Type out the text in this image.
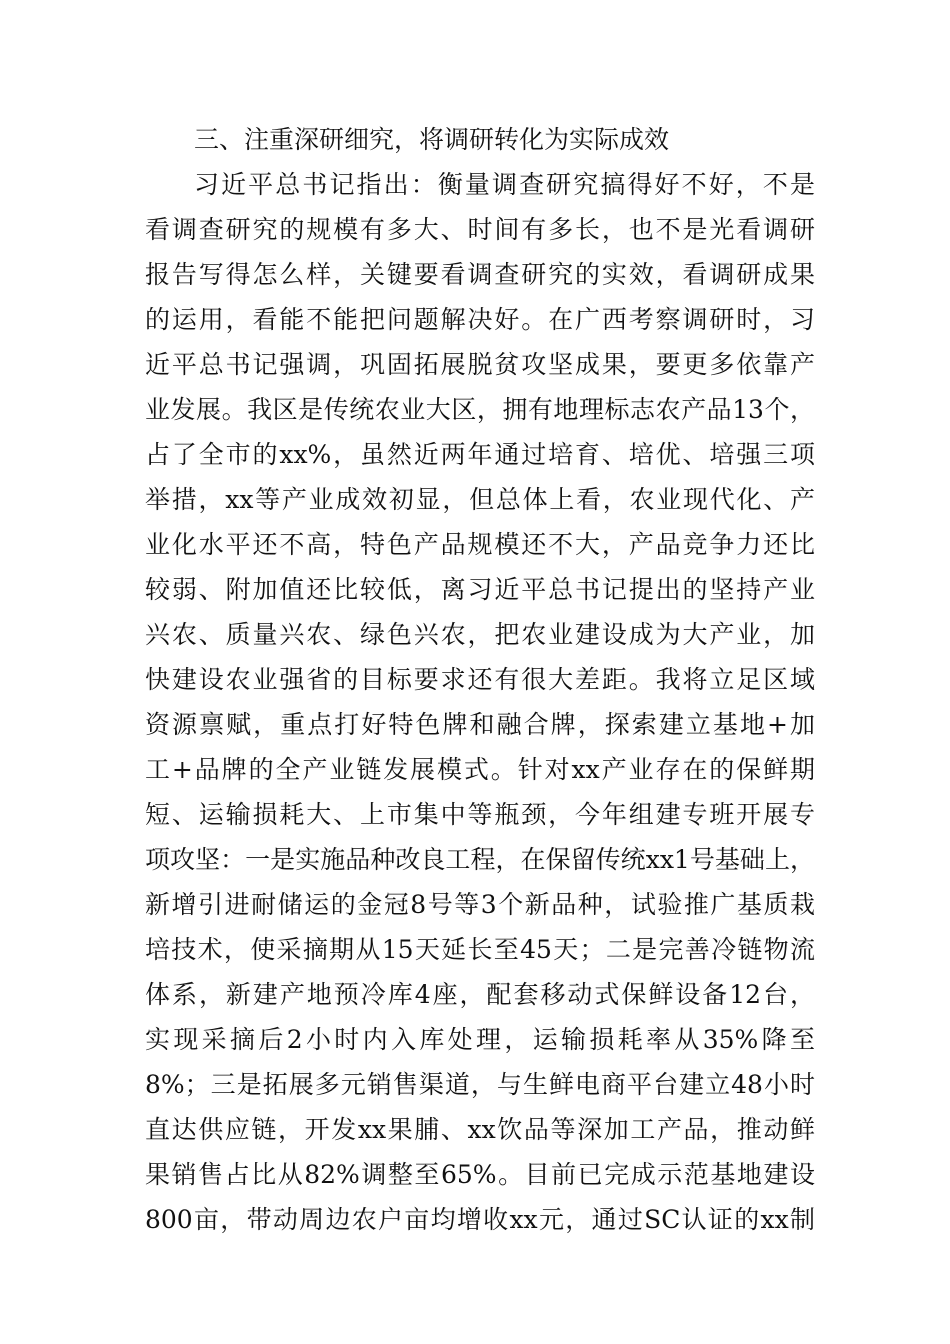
三、注重深研细究，将调研转化为实际成效

习近平总书记指出：衡量调查研究搞得好不好，不是

看调查研究的规模有多大、时间有多长，也不是光看调研

报告写得怎么样，关键要看调查研究的实效，看调研成果

的运用，看能不能把问题解决好。在广西考察调研时，习

近平总书记强调，巩固拓展脱贫攻坚成果，要更多依靠产

业发展。我区是传统农业大区，拥有地理标志农产品13个，

占了全市的xx%，虽然近两年通过培育、培优、培强三项

举措，xx等产业成效初显，但总体上看，农业现代化、产

业化水平还不高，特色产品规模还不大，产品竞争力还比

较弱、附加值还比较低，离习近平总书记提出的坚持产业

兴农、质量兴农、绿色兴农，把农业建设成为大产业，加

快建设农业强省的目标要求还有很大差距。我将立足区域

资源禀赋，重点打好特色牌和融合牌，探索建立基地+加

工+品牌的全产业链发展模式。针对xx产业存在的保鲜期

短、运输损耗大、上市集中等瓶颈，今年组建专班开展专

项攻坚：一是实施品种改良工程，在保留传统xx1号基础上，

新增引进耐储运的金冠8号等3个新品种，试验推广基质栽

培技术，使采摘期从15天延长至45天；二是完善冷链物流

体系，新建产地预冷库4座，配套移动式保鲜设备12台，

实现采摘后2小时内入库处理，运输损耗率从35%降至

8%；三是拓展多元销售渠道，与生鲜电商平台建立48小时

直达供应链，开发xx果脯、xx饮品等深加工产品，推动鲜

果销售占比从82%调整至65%。目前已完成示范基地建设

800亩，带动周边农户亩均增收xx元，通过SC认证的xx制
